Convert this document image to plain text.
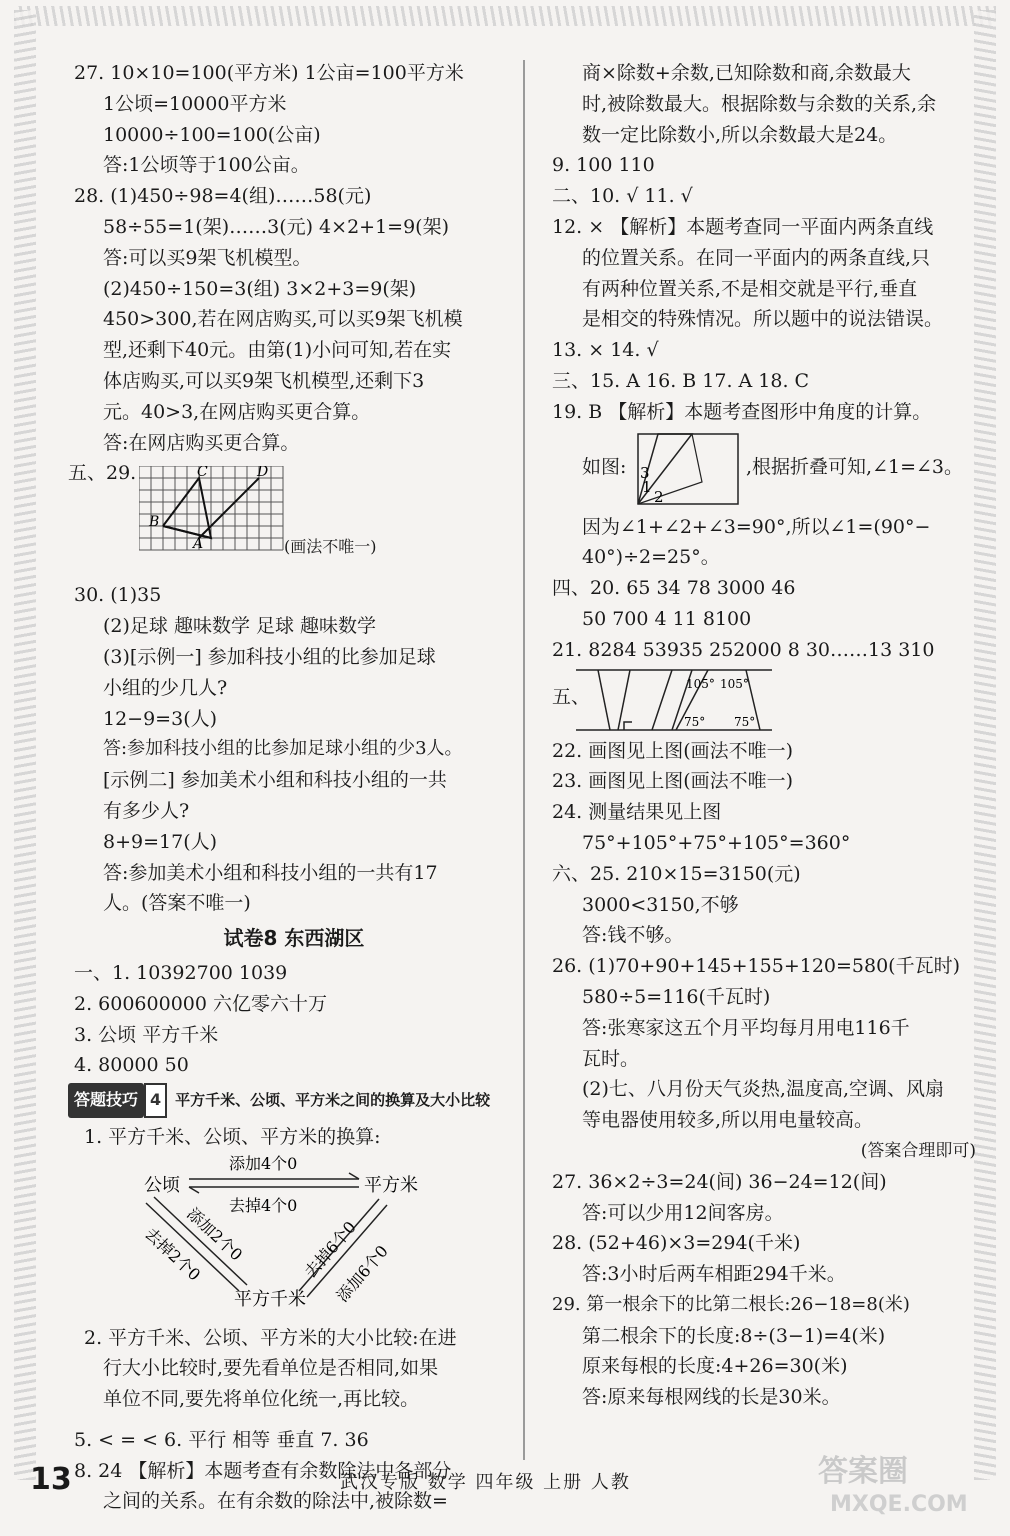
27. 10×10=100(平方米) 1公亩=100平方米
1公顷=10000平方米
10000÷100=100(公亩)
答:1公顷等于100公亩。
28. (1)450÷98=4(组)……58(元)
58÷55=1(架)……3(元) 4×2+1=9(架)
答:可以买9架飞机模型。
(2)450÷150=3(组) 3×2+3=9(架)
450>300,若在网店购买,可以买9架飞机模
型,还剩下40元。由第(1)小问可知,若在实
体店购买,可以买9架飞机模型,还剩下3
元。40>3,在网店购买更合算。
答:在网店购买更合算。
五、29.	C	D
B
A	(画法不唯一)
30. (1)35
(2)足球 趣味数学 足球 趣味数学
(3)[示例一] 参加科技小组的比参加足球
小组的少几人?
12−9=3(人)
答:参加科技小组的比参加足球小组的少3人。
[示例二] 参加美术小组和科技小组的一共
有多少人?
8+9=17(人)
答:参加美术小组和科技小组的一共有17
人。(答案不唯一)
试卷8 东西湖区
一、1. 10392700 1039
2. 600600000 六亿零六十万
3. 公顷 平方千米
4. 80000 50
答题技巧 4 平方千米、公顷、平方米之间的换算及大小比较
1. 平方千米、公顷、平方米的换算:
公顷	平方米
平方千米
添加4个0
去掉4个0
添加2个0
去掉2个0	去掉6个0
添加6个0
2. 平方千米、公顷、平方米的大小比较:在进
行大小比较时,要先看单位是否相同,如果
单位不同,要先将单位化统一,再比较。
5. < = < 6. 平行 相等 垂直 7. 36
8. 24 【解析】本题考查有余数除法中各部分
之间的关系。在有余数的除法中,被除数=
商×除数+余数,已知除数和商,余数最大
时,被除数最大。根据除数与余数的关系,余
数一定比除数小,所以余数最大是24。
9. 100 110
二、10. √ 11. √
12. × 【解析】本题考查同一平面内两条直线
的位置关系。在同一平面内的两条直线,只
有两种位置关系,不是相交就是平行,垂直
是相交的特殊情况。所以题中的说法错误。
13. × 14. √
三、15. A 16. B 17. A 18. C
19. B 【解析】本题考查图形中角度的计算。
如图: 3
1
2
,根据折叠可知,∠1=∠3。
因为∠1+∠2+∠3=90°,所以∠1=(90°−
40°)÷2=25°。
四、20. 65 34 78 3000 46
50 700 4 11 8100
21. 8284 53935 252000 8 30……13 310
五、
105° 105°
75° 75°
22. 画图见上图(画法不唯一)
23. 画图见上图(画法不唯一)
24. 测量结果见上图
75°+105°+75°+105°=360°
六、25. 210×15=3150(元)
3000<3150,不够
答:钱不够。
26. (1)70+90+145+155+120=580(千瓦时)
580÷5=116(千瓦时)
答:张寒家这五个月平均每月用电116千
瓦时。
(2)七、八月份天气炎热,温度高,空调、风扇
等电器使用较多,所以用电量较高。
(答案合理即可)
27. 36×2÷3=24(间) 36−24=12(间)
答:可以少用12间客房。
28. (52+46)×3=294(千米)
答:3小时后两车相距294千米。
29. 第一根余下的比第二根长:26−18=8(米)
第二根余下的长度:8÷(3−1)=4(米)
原来每根的长度:4+26=30(米)
答:原来每根网线的长是30米。
13	武汉专版 数学 四年级 上册 人教	答案圈
MXQE.COM
